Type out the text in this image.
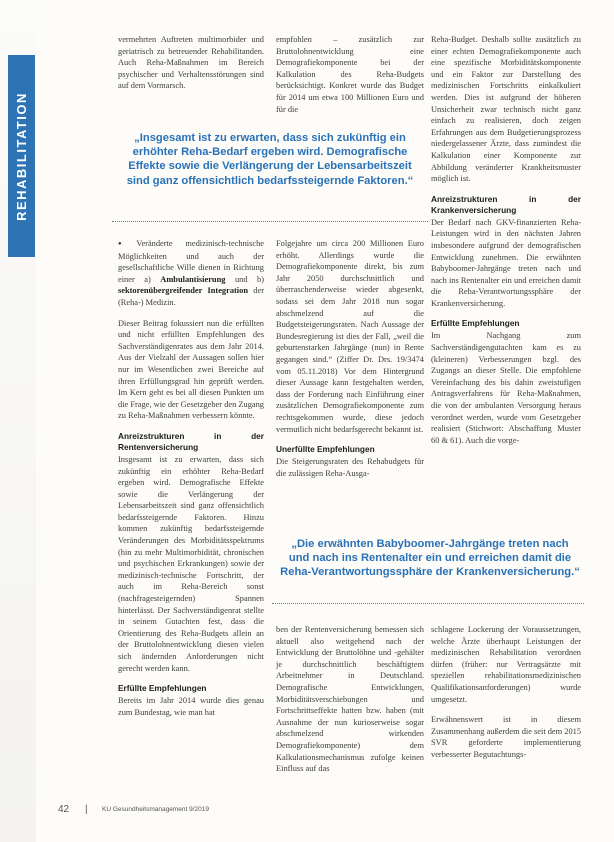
REHABILITATION

vermehrten Auftreten multimorbider und geriatrisch zu betreuender Rehabilitanden. Auch Reha-Maßnahmen im Bereich psychischer und Verhaltensstörungen sind auf dem Vormarsch.

empfohlen – zusätzlich zur Bruttolohnentwicklung eine Demografiekomponente bei der Kalkulation des Reha-Budgets berücksichtigt. Konkret wurde das Budget für 2014 um etwa 100 Millionen Euro und für die

Reha-Budget. Deshalb sollte zusätzlich zu einer echten Demografiekomponente auch eine spezifische Morbiditätskomponente und ein Faktor zur Darstellung des medizinischen Fortschritts einkalkuliert werden. Dies ist aufgrund der höheren Unsicherheit zwar technisch nicht ganz einfach zu realisieren, doch zeigen Erfahrungen aus dem Budgetierungsprozess niedergelassener Ärzte, dass zumindest die Kalkulation einer Komponente zur Abbildung veränderter Krankheitsmuster möglich ist.

Anreizstrukturen in der Krankenversicherung

Der Bedarf nach GKV-finanzierten Reha-Leistungen wird in den nächsten Jahren insbesondere aufgrund der demografischen Entwicklung zunehmen. Die erwähnten Babyboomer-Jahrgänge treten nach und nach ins Rentenalter ein und erreichen damit die Reha-Verantwortungssphäre der Krankenversicherung.

Erfüllte Empfehlungen

Im Nachgang zum Sachverständigengutachten kam es zu (kleineren) Verbesserungen bzgl. des Zugangs an dieser Stelle. Die empfohlene Vereinfachung des bis dahin zweistufigen Antragsverfahrens für Reha-Maßnahmen, die von der ambulanten Versorgung heraus verordnet werden, wurde vom Gesetzgeber realisiert (Stichwort: Abschaffung Muster 60 & 61). Auch die vorge-

„Insgesamt ist zu erwarten, dass sich zukünftig ein erhöhter Reha-Bedarf ergeben wird. Demografische Effekte sowie die Verlängerung der Lebensarbeitszeit sind ganz offensichtlich bedarfssteigernde Faktoren.“

● Veränderte medizinisch-technische Möglichkeiten und auch der gesellschaftliche Wille dienen in Richtung einer a) Ambulantisierung und b) sektorenübergreifender Integration der (Reha-) Medizin.

Dieser Beitrag fokussiert nun die erfüllten und nicht erfüllten Empfehlungen des Sachverständigenrates aus dem Jahr 2014. Aus der Vielzahl der Aussagen sollen hier nur im Wesentlichen zwei Bereiche auf ihren Erfüllungsgrad hin geprüft werden. Im Kern geht es bei all diesen Punkten um die Frage, wie der Gesetzgeber den Zugang zu Reha-Maßnahmen verbessern könnte.

Anreizstrukturen in der Rentenversicherung

Insgesamt ist zu erwarten, dass sich zukünftig ein erhöhter Reha-Bedarf ergeben wird. Demografische Effekte sowie die Verlängerung der Lebensarbeitszeit sind ganz offensichtlich bedarfssteigernde Faktoren. Hinzu kommen zukünftig bedarfssteigernde Veränderungen des Morbiditätsspektrums (hin zu mehr Multimorbidität, chronischen und psychischen Erkrankungen) sowie der medizinisch-technische Fortschritt, der auch im Reha-Bereich sonst (nachfragesteigernden) Spannen hinterlässt. Der Sachverständigenrat stellte in seinem Gutachten fest, dass die Orientierung des Reha-Budgets allein an der Bruttolohnentwicklung diesen vielen sich ändernden Anforderungen nicht gerecht werden kann.

Erfüllte Empfehlungen

Bereits im Jahr 2014 wurde dies genau zum Bundestag, wie man hat

Folgejahre um circa 200 Millionen Euro erhöht. Allerdings wurde die Demografiekomponente direkt, bis zum Jahr 2050 durchschnittlich und überraschenderweise wieder abgesenkt, sodass sei dem Jahr 2018 nun sogar abschmelzend auf die Budgetsteigerungsraten. Nach Aussage der Bundesregierung ist dies der Fall, „weil die geburtenstarken Jahrgänge (nun) in Rente gegangen sind.“ (Ziffer Dr. Drs. 19/3474 vom 05.11.2018) Vor dem Hintergrund dieser Aussage kann festgehalten werden, dass der Forderung nach Einführung einer zusätzlichen Demografiekomponente zum rechtsgekommen wurde, diese jedoch vermutlich nicht bedarfsgerecht bekannt ist.

Unerfüllte Empfehlungen

Die Steigerungsraten des Rehabudgets für die zulässigen Reha-Ausga-

„Die erwähnten Babyboomer-Jahrgänge treten nach und nach ins Rentenalter ein und erreichen damit die Reha-Verantwortungssphäre der Krankenversicherung.“

ben der Rentenversicherung bemessen sich aktuell also weitgehend nach der Entwicklung der Bruttolöhne und -gehälter je durchschnittlich beschäftigtem Arbeitnehmer in Deutschland. Demografische Entwicklungen, Morbiditätsverschiebungen und Fortschrittseffekte hatten bzw. haben (mit Ausnahme der nun kurioserweise sogar abschmelzend wirkenden Demografiekomponente) dem Kalkulationsmechanismus zufolge keinen Einfluss auf das

schlagene Lockerung der Voraussetzungen, welche Ärzte überhaupt Leistungen der medizinischen Rehabilitation verordnen dürfen (früher: nur Vertragsärzte mit speziellen rehabilitationsmedizinischen Qualifikationsanforderungen) wurde umgesetzt.

Erwähnenswert ist in diesem Zusammenhang außerdem die seit dem 2015 SVR geforderte implementierung verbesserter Begutachtungs-

42 | KU Gesundheitsmanagement 9/2019
